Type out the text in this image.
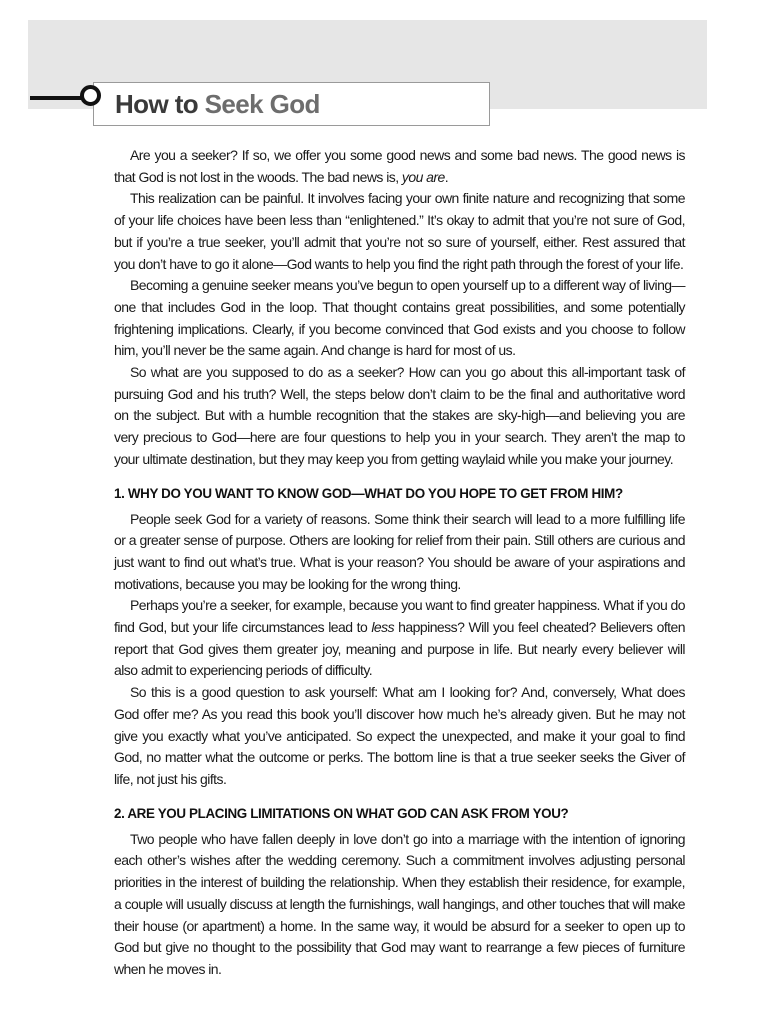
How to Seek God

Are you a seeker? If so, we offer you some good news and some bad news. The good news is that God is not lost in the woods. The bad news is, you are.

This realization can be painful. It involves facing your own finite nature and recognizing that some of your life choices have been less than “enlightened.” It’s okay to admit that you’re not sure of God, but if you’re a true seeker, you’ll admit that you’re not so sure of yourself, either. Rest assured that you don’t have to go it alone—God wants to help you find the right path through the forest of your life.

Becoming a genuine seeker means you’ve begun to open yourself up to a different way of living—one that includes God in the loop. That thought contains great possibilities, and some potentially frightening implications. Clearly, if you become convinced that God exists and you choose to follow him, you’ll never be the same again. And change is hard for most of us.

So what are you supposed to do as a seeker? How can you go about this all-important task of pursuing God and his truth? Well, the steps below don’t claim to be the final and authoritative word on the subject. But with a humble recognition that the stakes are sky-high—and believing you are very precious to God—here are four questions to help you in your search. They aren’t the map to your ultimate destination, but they may keep you from getting waylaid while you make your journey.

1. WHY DO YOU WANT TO KNOW GOD—WHAT DO YOU HOPE TO GET FROM HIM?

People seek God for a variety of reasons. Some think their search will lead to a more fulfilling life or a greater sense of purpose. Others are looking for relief from their pain. Still others are curious and just want to find out what’s true. What is your reason? You should be aware of your aspirations and motivations, because you may be looking for the wrong thing.

Perhaps you’re a seeker, for example, because you want to find greater happiness. What if you do find God, but your life circumstances lead to less happiness? Will you feel cheated? Believers often report that God gives them greater joy, meaning and purpose in life. But nearly every believer will also admit to experiencing periods of difficulty.

So this is a good question to ask yourself: What am I looking for? And, conversely, What does God offer me? As you read this book you’ll discover how much he’s already given. But he may not give you exactly what you’ve anticipated. So expect the unexpected, and make it your goal to find God, no matter what the outcome or perks. The bottom line is that a true seeker seeks the Giver of life, not just his gifts.

2. ARE YOU PLACING LIMITATIONS ON WHAT GOD CAN ASK FROM YOU?

Two people who have fallen deeply in love don’t go into a marriage with the intention of ignoring each other’s wishes after the wedding ceremony. Such a commitment involves adjusting personal priorities in the interest of building the relationship. When they establish their residence, for example, a couple will usually discuss at length the furnishings, wall hangings, and other touches that will make their house (or apartment) a home. In the same way, it would be absurd for a seeker to open up to God but give no thought to the possibility that God may want to rearrange a few pieces of furniture when he moves in.
